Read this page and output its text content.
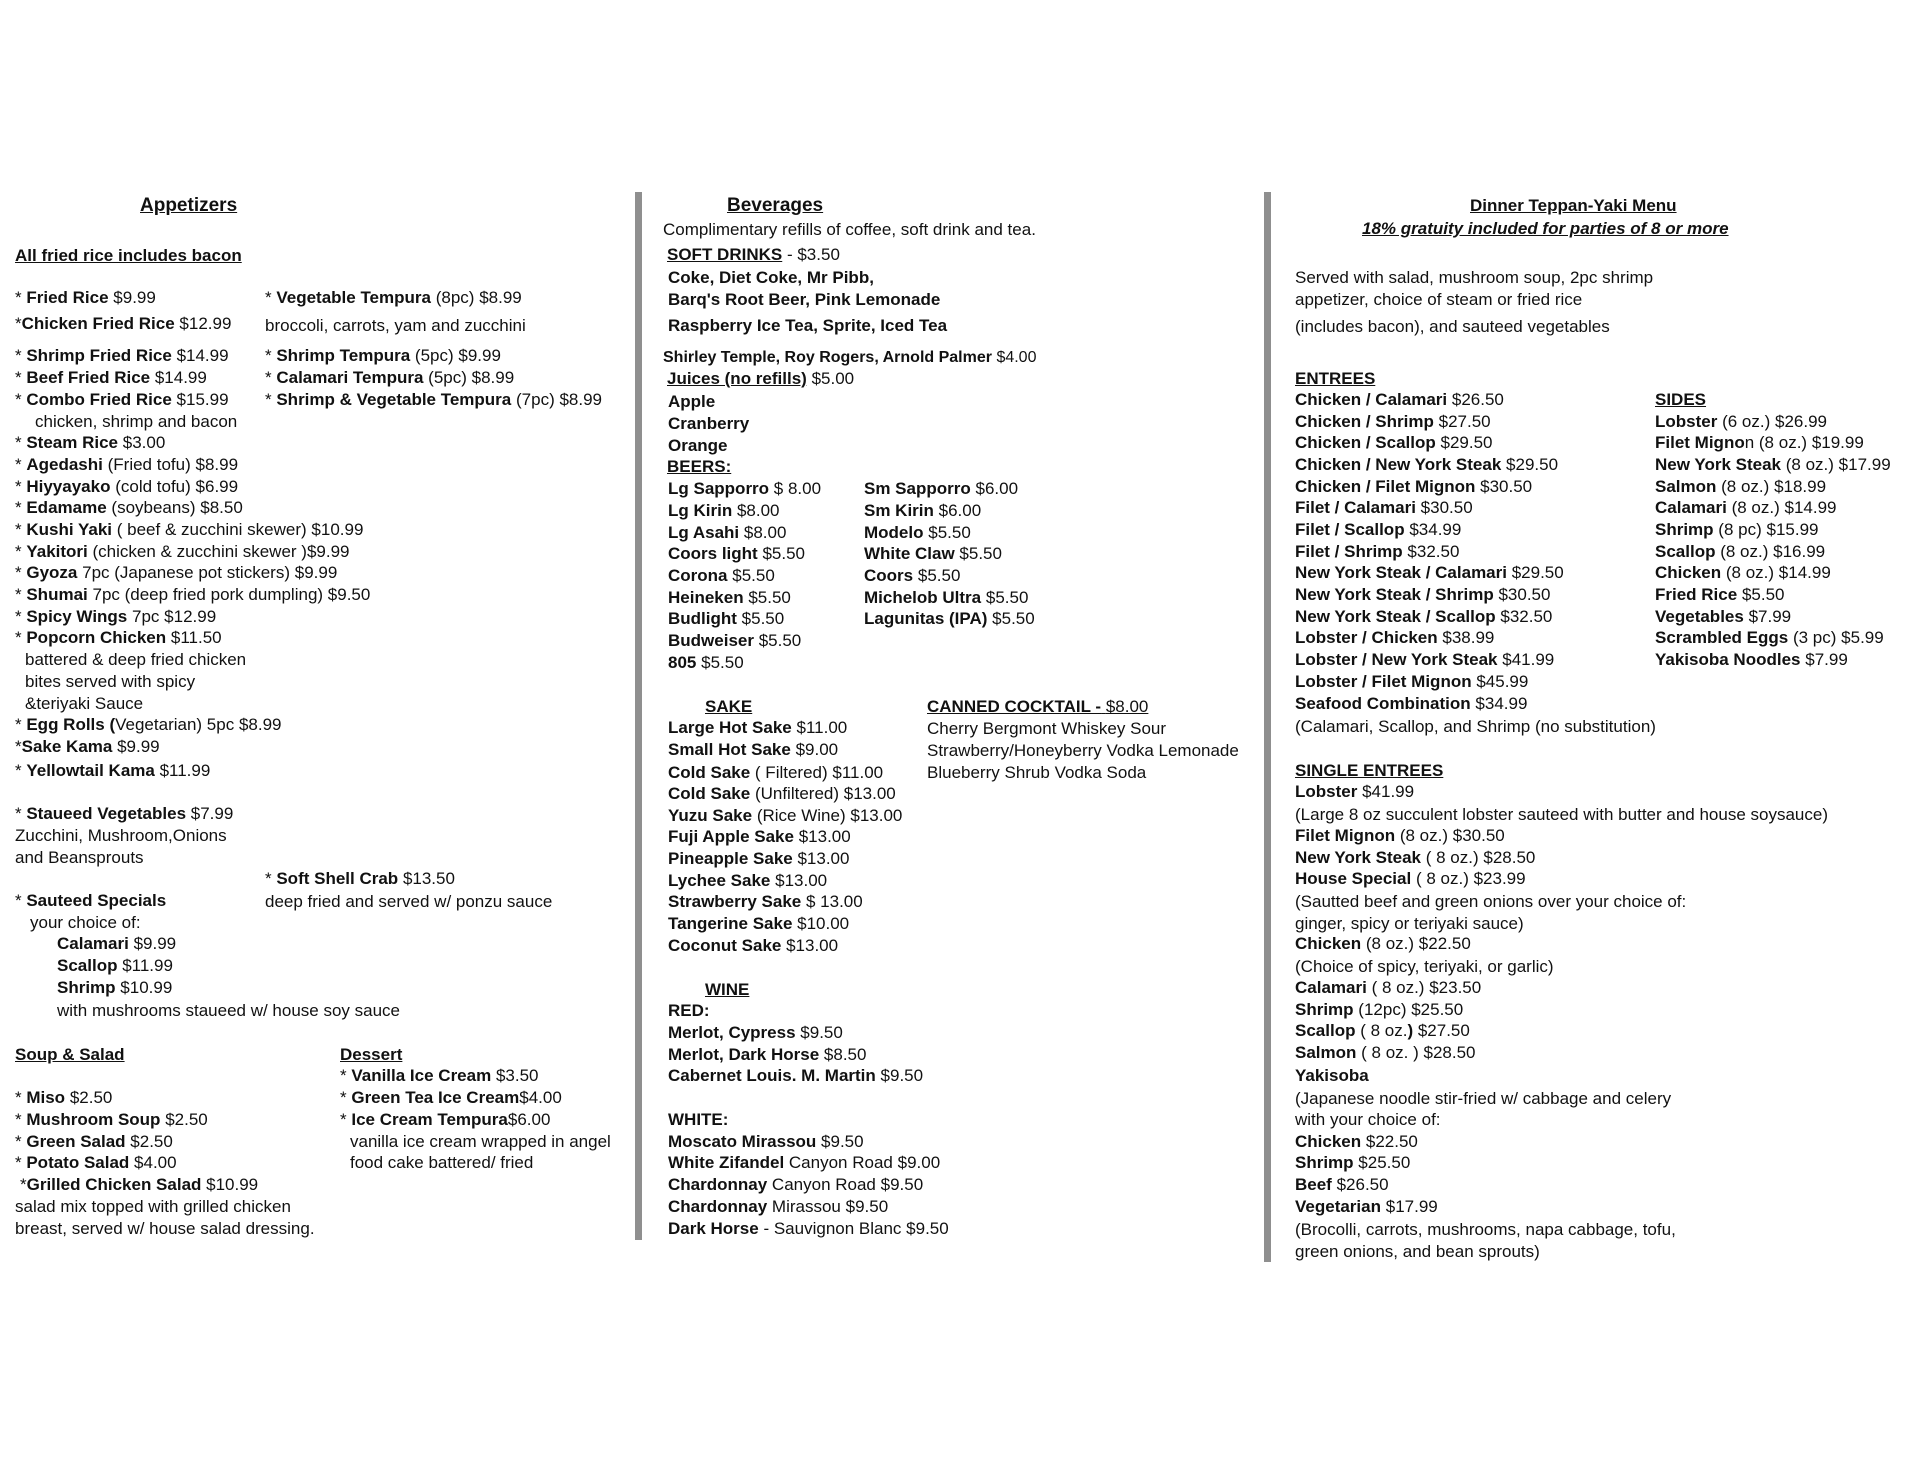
Appetizers
All fried rice includes bacon
* Fried Rice $9.99
*Chicken Fried Rice $12.99
* Shrimp Fried Rice $14.99
* Beef Fried Rice $14.99
* Combo Fried Rice $15.99
chicken, shrimp and bacon
* Steam Rice $3.00
* Agedashi (Fried tofu) $8.99
* Hiyyayako (cold tofu) $6.99
* Edamame (soybeans) $8.50
* Kushi Yaki ( beef & zucchini skewer) $10.99
* Yakitori (chicken & zucchini skewer )$9.99
* Gyoza 7pc (Japanese pot stickers) $9.99
* Shumai 7pc (deep fried pork dumpling) $9.50
* Spicy Wings 7pc $12.99
* Popcorn Chicken $11.50
battered & deep fried chicken
bites served with spicy
&teriyaki Sauce
* Egg Rolls (Vegetarian) 5pc $8.99
*Sake Kama $9.99
* Yellowtail Kama $11.99
* Staueed Vegetables $7.99
Zucchini, Mushroom,Onions
and Beansprouts
* Sauteed Specials
your choice of:
Calamari $9.99
Scallop $11.99
Shrimp $10.99
with mushrooms staueed w/ house soy sauce
* Vegetable Tempura (8pc) $8.99
broccoli, carrots, yam and zucchini
* Shrimp Tempura (5pc) $9.99
* Calamari Tempura (5pc) $8.99
* Shrimp & Vegetable Tempura (7pc) $8.99
* Soft Shell Crab $13.50
deep fried and served w/ ponzu sauce
Soup & Salad
* Miso $2.50
* Mushroom Soup $2.50
* Green Salad $2.50
* Potato Salad $4.00
*Grilled Chicken Salad $10.99
salad mix topped with grilled chicken
breast, served w/ house salad dressing.
Dessert
* Vanilla Ice Cream $3.50
* Green Tea Ice Cream$4.00
* Ice Cream Tempura$6.00
vanilla ice cream wrapped in angel
food cake battered/ fried
Beverages
Complimentary refills of coffee, soft drink and tea.
SOFT DRINKS - $3.50
Coke, Diet Coke, Mr Pibb,
Barq's Root Beer, Pink Lemonade
Raspberry Ice Tea, Sprite, Iced Tea
Shirley Temple, Roy Rogers, Arnold Palmer $4.00
Juices (no refills) $5.00
Apple
Cranberry
Orange
BEERS:
Lg Sapporro $ 8.00
Lg Kirin $8.00
Lg Asahi $8.00
Coors light $5.50
Corona $5.50
Heineken $5.50
Budlight $5.50
Budweiser $5.50
805 $5.50
Sm Sapporro $6.00
Sm Kirin $6.00
Modelo $5.50
White Claw $5.50
Coors $5.50
Michelob Ultra $5.50
Lagunitas (IPA) $5.50
SAKE
Large Hot Sake $11.00
Small Hot Sake $9.00
Cold Sake ( Filtered) $11.00
Cold Sake (Unfiltered) $13.00
Yuzu Sake (Rice Wine) $13.00
Fuji Apple Sake $13.00
Pineapple Sake $13.00
Lychee Sake $13.00
Strawberry Sake $ 13.00
Tangerine Sake $10.00
Coconut Sake $13.00
CANNED COCKTAIL - $8.00
Cherry Bergmont Whiskey Sour
Strawberry/Honeyberry Vodka Lemonade
Blueberry Shrub Vodka Soda
WINE
RED:
Merlot, Cypress $9.50
Merlot, Dark Horse $8.50
Cabernet Louis. M. Martin $9.50
WHITE:
Moscato Mirassou $9.50
White Zifandel Canyon Road $9.00
Chardonnay Canyon Road $9.50
Chardonnay Mirassou $9.50
Dark Horse - Sauvignon Blanc $9.50
Dinner Teppan-Yaki Menu
18% gratuity included for parties of 8 or more
Served with salad, mushroom soup, 2pc shrimp
appetizer, choice of steam or fried rice
(includes bacon), and sauteed vegetables
ENTREES
Chicken / Calamari $26.50
Chicken / Shrimp $27.50
Chicken / Scallop $29.50
Chicken / New York Steak $29.50
Chicken / Filet Mignon $30.50
Filet / Calamari $30.50
Filet / Scallop $34.99
Filet / Shrimp $32.50
New York Steak / Calamari $29.50
New York Steak / Shrimp $30.50
New York Steak / Scallop $32.50
Lobster / Chicken $38.99
Lobster / New York Steak $41.99
Lobster / Filet Mignon $45.99
Seafood Combination $34.99
(Calamari, Scallop, and Shrimp (no substitution)
SIDES
Lobster (6 oz.) $26.99
Filet Mignon (8 oz.) $19.99
New York Steak (8 oz.) $17.99
Salmon (8 oz.) $18.99
Calamari (8 oz.) $14.99
Shrimp (8 pc) $15.99
Scallop (8 oz.) $16.99
Chicken (8 oz.) $14.99
Fried Rice $5.50
Vegetables $7.99
Scrambled Eggs (3 pc) $5.99
Yakisoba Noodles $7.99
SINGLE ENTREES
Lobster $41.99
(Large 8 oz succulent lobster sauteed with butter and house soysauce)
Filet Mignon (8 oz.) $30.50
New York Steak ( 8 oz.) $28.50
House Special ( 8 oz.) $23.99
(Sautted beef and green onions over your choice of:
ginger, spicy or teriyaki sauce)
Chicken (8 oz.) $22.50
(Choice of spicy, teriyaki, or garlic)
Calamari ( 8 oz.) $23.50
Shrimp (12pc) $25.50
Scallop ( 8 oz.) $27.50
Salmon ( 8 oz. ) $28.50
Yakisoba
(Japanese noodle stir-fried w/ cabbage and celery
with your choice of:
Chicken $22.50
Shrimp $25.50
Beef $26.50
Vegetarian $17.99
(Brocolli, carrots, mushrooms, napa cabbage, tofu,
green onions, and bean sprouts)
